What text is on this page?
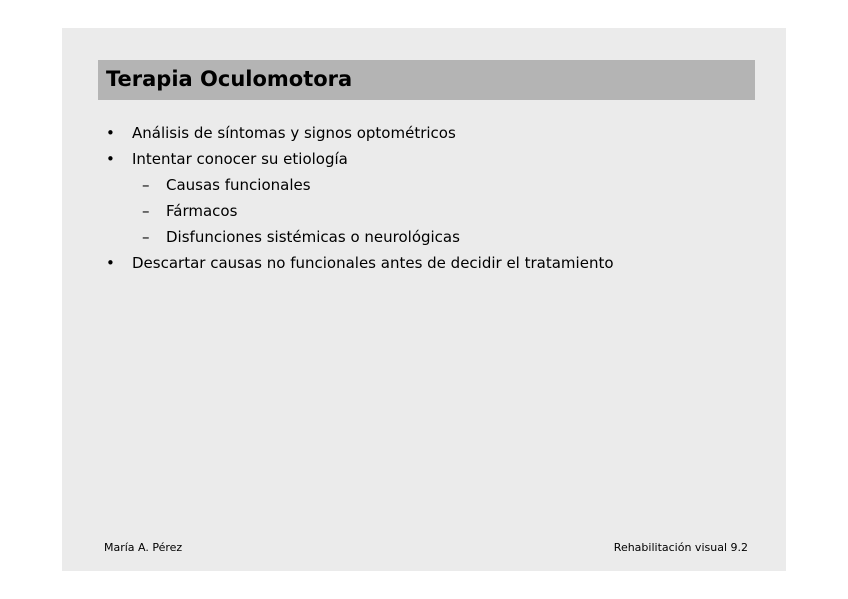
Terapia Oculomotora
• Análisis de síntomas y signos optométricos
• Intentar conocer su etiología
– Causas funcionales
– Fármacos
– Disfunciones sistémicas o neurológicas
• Descartar causas no funcionales antes de decidir el tratamiento
María A. Pérez	Rehabilitación visual 9.2
